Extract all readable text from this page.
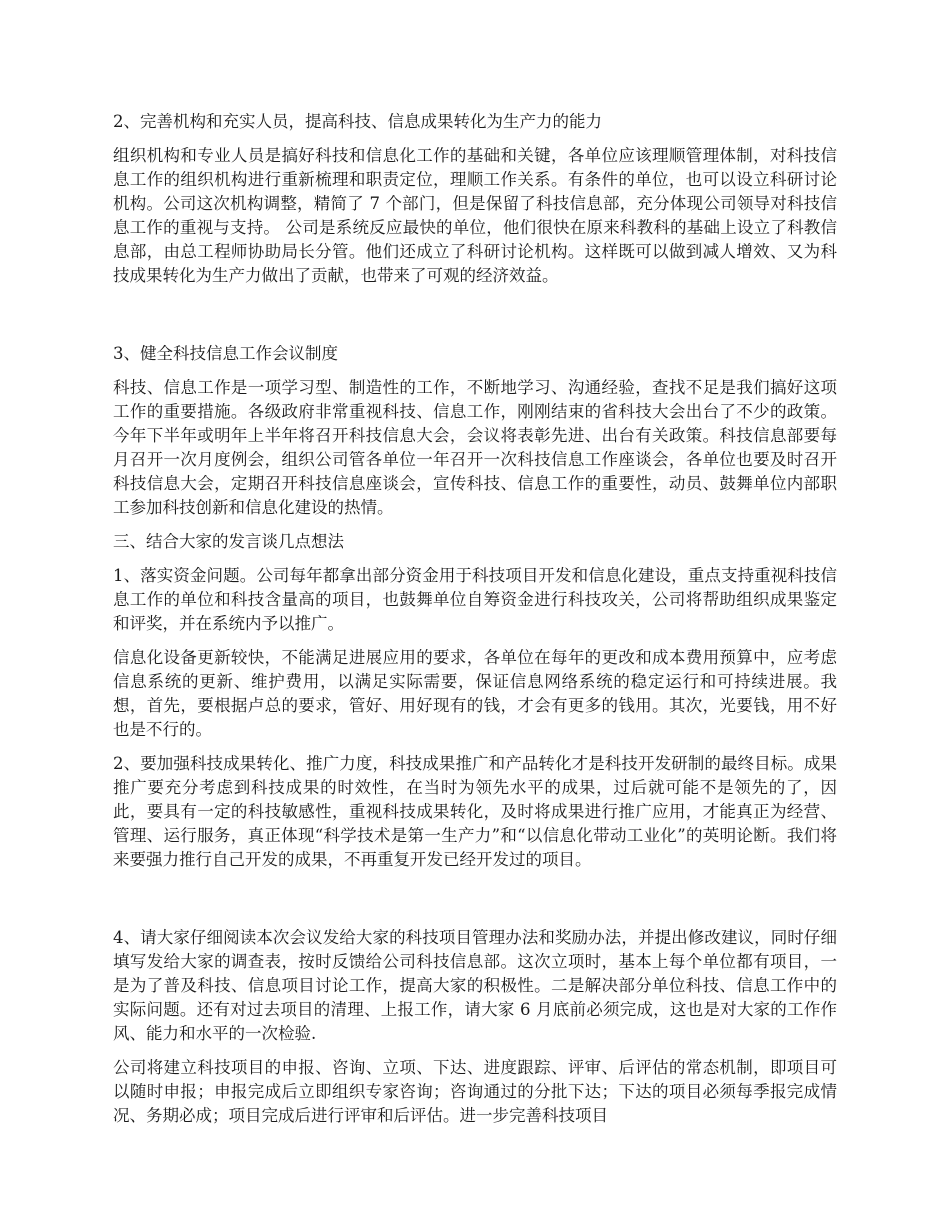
2、完善机构和充实人员，提高科技、信息成果转化为生产力的能力

组织机构和专业人员是搞好科技和信息化工作的基础和关键，各单位应该理顺管理体制，对科技信息工作的组织机构进行重新梳理和职责定位，理顺工作关系。有条件的单位，也可以设立科研讨论机构。公司这次机构调整，精简了 7 个部门，但是保留了科技信息部，充分体现公司领导对科技信息工作的重视与支持。 公司是系统反应最快的单位，他们很快在原来科教科的基础上设立了科教信息部，由总工程师协助局长分管。他们还成立了科研讨论机构。这样既可以做到减人增效、又为科技成果转化为生产力做出了贡献，也带来了可观的经济效益。

3、健全科技信息工作会议制度

科技、信息工作是一项学习型、制造性的工作，不断地学习、沟通经验，查找不足是我们搞好这项工作的重要措施。各级政府非常重视科技、信息工作，刚刚结束的省科技大会出台了不少的政策。今年下半年或明年上半年将召开科技信息大会，会议将表彰先进、出台有关政策。科技信息部要每月召开一次月度例会，组织公司管各单位一年召开一次科技信息工作座谈会，各单位也要及时召开科技信息大会，定期召开科技信息座谈会，宣传科技、信息工作的重要性，动员、鼓舞单位内部职工参加科技创新和信息化建设的热情。

三、结合大家的发言谈几点想法

1、落实资金问题。公司每年都拿出部分资金用于科技项目开发和信息化建设，重点支持重视科技信息工作的单位和科技含量高的项目，也鼓舞单位自筹资金进行科技攻关，公司将帮助组织成果鉴定和评奖，并在系统内予以推广。

信息化设备更新较快，不能满足进展应用的要求，各单位在每年的更改和成本费用预算中，应考虑信息系统的更新、维护费用，以满足实际需要，保证信息网络系统的稳定运行和可持续进展。我想，首先，要根据卢总的要求，管好、用好现有的钱，才会有更多的钱用。其次，光要钱，用不好也是不行的。

2、要加强科技成果转化、推广力度，科技成果推广和产品转化才是科技开发研制的最终目标。成果推广要充分考虑到科技成果的时效性，在当时为领先水平的成果，过后就可能不是领先的了，因此，要具有一定的科技敏感性，重视科技成果转化，及时将成果进行推广应用，才能真正为经营、管理、运行服务，真正体现“科学技术是第一生产力”和“以信息化带动工业化”的英明论断。我们将来要强力推行自己开发的成果，不再重复开发已经开发过的项目。

4、请大家仔细阅读本次会议发给大家的科技项目管理办法和奖励办法，并提出修改建议，同时仔细填写发给大家的调查表，按时反馈给公司科技信息部。这次立项时，基本上每个单位都有项目，一是为了普及科技、信息项目讨论工作，提高大家的积极性。二是解决部分单位科技、信息工作中的实际问题。还有对过去项目的清理、上报工作，请大家 6 月底前必须完成，这也是对大家的工作作风、能力和水平的一次检验.

公司将建立科技项目的申报、咨询、立项、下达、进度跟踪、评审、后评估的常态机制，即项目可以随时申报；申报完成后立即组织专家咨询；咨询通过的分批下达；下达的项目必须每季报完成情况、务期必成；项目完成后进行评审和后评估。进一步完善科技项目
